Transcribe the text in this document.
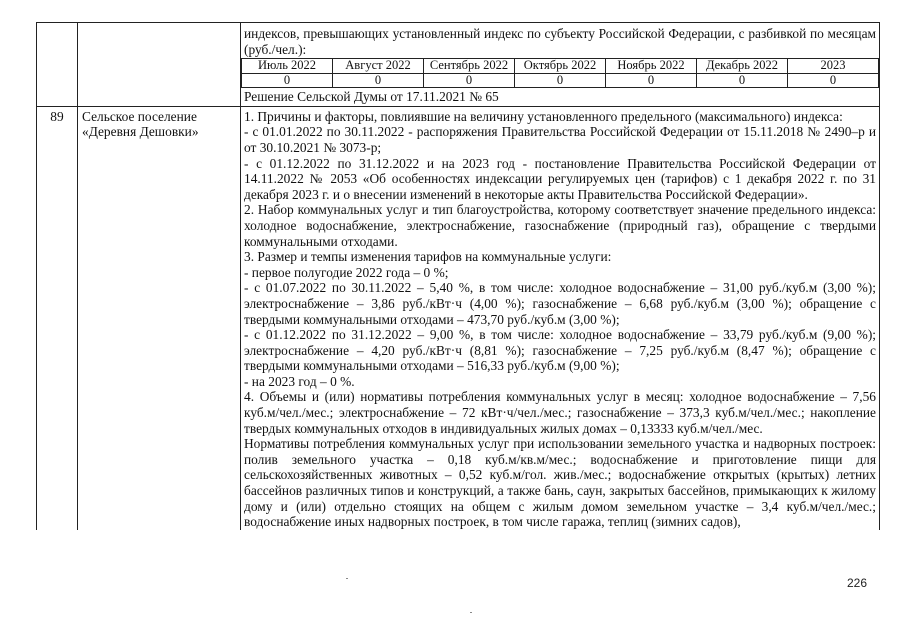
индексов, превышающих установленный индекс по субъекту Российской Федерации, с разбивкой по месяцам (руб./чел.):

Июль 2022	Август 2022	Сентябрь 2022	Октябрь 2022	Ноябрь 2022	Декабрь 2022	2023
0	0	0	0	0	0	0

Решение Сельской Думы от 17.11.2021 № 65

89	Сельское поселение «Деревня Дешовки»

1. Причины и факторы, повлиявшие на величину установленного предельного (максимального) индекса:

- с 01.01.2022 по 30.11.2022 - распоряжения Правительства Российской Федерации от 15.11.2018 № 2490–р и от 30.10.2021 № 3073-р;

- с 01.12.2022 по 31.12.2022 и на 2023 год - постановление Правительства Российской Федерации от 14.11.2022 № 2053 «Об особенностях индексации регулируемых цен (тарифов) с 1 декабря 2022 г. по 31 декабря 2023 г. и о внесении изменений в некоторые акты Правительства Российской Федерации».

2. Набор коммунальных услуг и тип благоустройства, которому соответствует значение предельного индекса: холодное водоснабжение, электроснабжение, газоснабжение (природный газ), обращение с твердыми коммунальными отходами.

3. Размер и темпы изменения тарифов на коммунальные услуги:

- первое полугодие 2022 года – 0 %;

- с 01.07.2022 по 30.11.2022 – 5,40 %, в том числе: холодное водоснабжение – 31,00 руб./куб.м (3,00 %); электроснабжение – 3,86 руб./кВт·ч (4,00 %); газоснабжение – 6,68 руб./куб.м (3,00 %); обращение с твердыми коммунальными отходами – 473,70 руб./куб.м (3,00 %);

- с 01.12.2022 по 31.12.2022 – 9,00 %, в том числе: холодное водоснабжение – 33,79 руб./куб.м (9,00 %); электроснабжение – 4,20 руб./кВт·ч (8,81 %); газоснабжение – 7,25 руб./куб.м (8,47 %); обращение с твердыми коммунальными отходами – 516,33 руб./куб.м (9,00 %);

- на 2023 год – 0 %.

4. Объемы и (или) нормативы потребления коммунальных услуг в месяц: холодное водоснабжение – 7,56 куб.м/чел./мес.; электроснабжение – 72 кВт·ч/чел./мес.; газоснабжение – 373,3 куб.м/чел./мес.; накопление твердых коммунальных отходов в индивидуальных жилых домах – 0,13333 куб.м/чел./мес.

Нормативы потребления коммунальных услуг при использовании земельного участка и надворных построек: полив земельного участка – 0,18 куб.м/кв.м/мес.; водоснабжение и приготовление пищи для сельскохозяйственных животных – 0,52 куб.м/гол. жив./мес.; водоснабжение открытых (крытых) летних бассейнов различных типов и конструкций, а также бань, саун, закрытых бассейнов, примыкающих к жилому дому и (или) отдельно стоящих на общем с жилым домом земельном участке – 3,4 куб.м/чел./мес.; водоснабжение иных надворных построек, в том числе гаража, теплиц (зимних садов),

226
